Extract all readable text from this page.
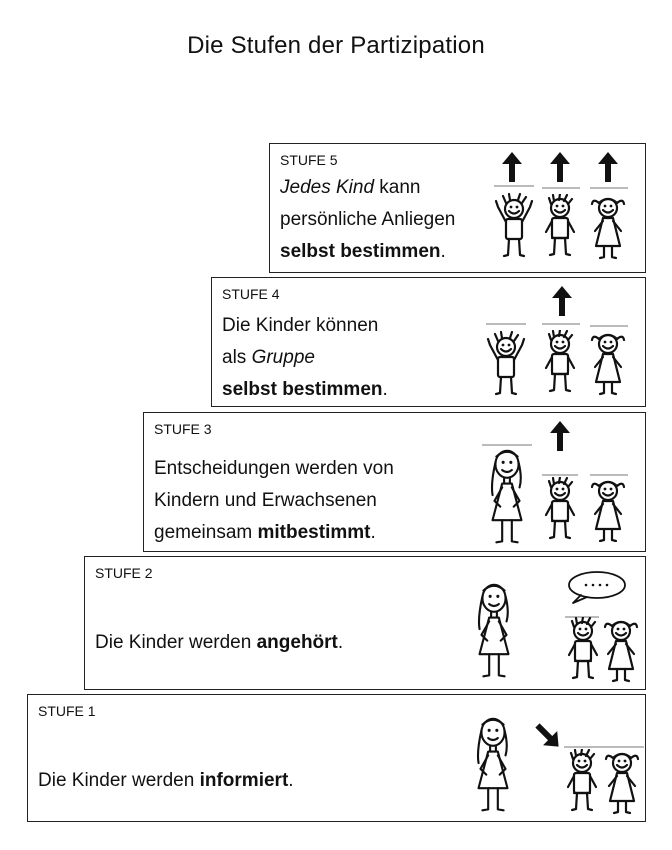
Die Stufen der Partizipation
STUFE 5
Jedes Kind kann
persönliche Anliegen
selbst bestimmen.
STUFE 4
Die Kinder können
als Gruppe
selbst bestimmen.
STUFE 3
Entscheidungen werden von
Kindern und Erwachsenen
gemeinsam mitbestimmt.
STUFE 2
Die Kinder werden angehört.
STUFE 1
Die Kinder werden informiert.
